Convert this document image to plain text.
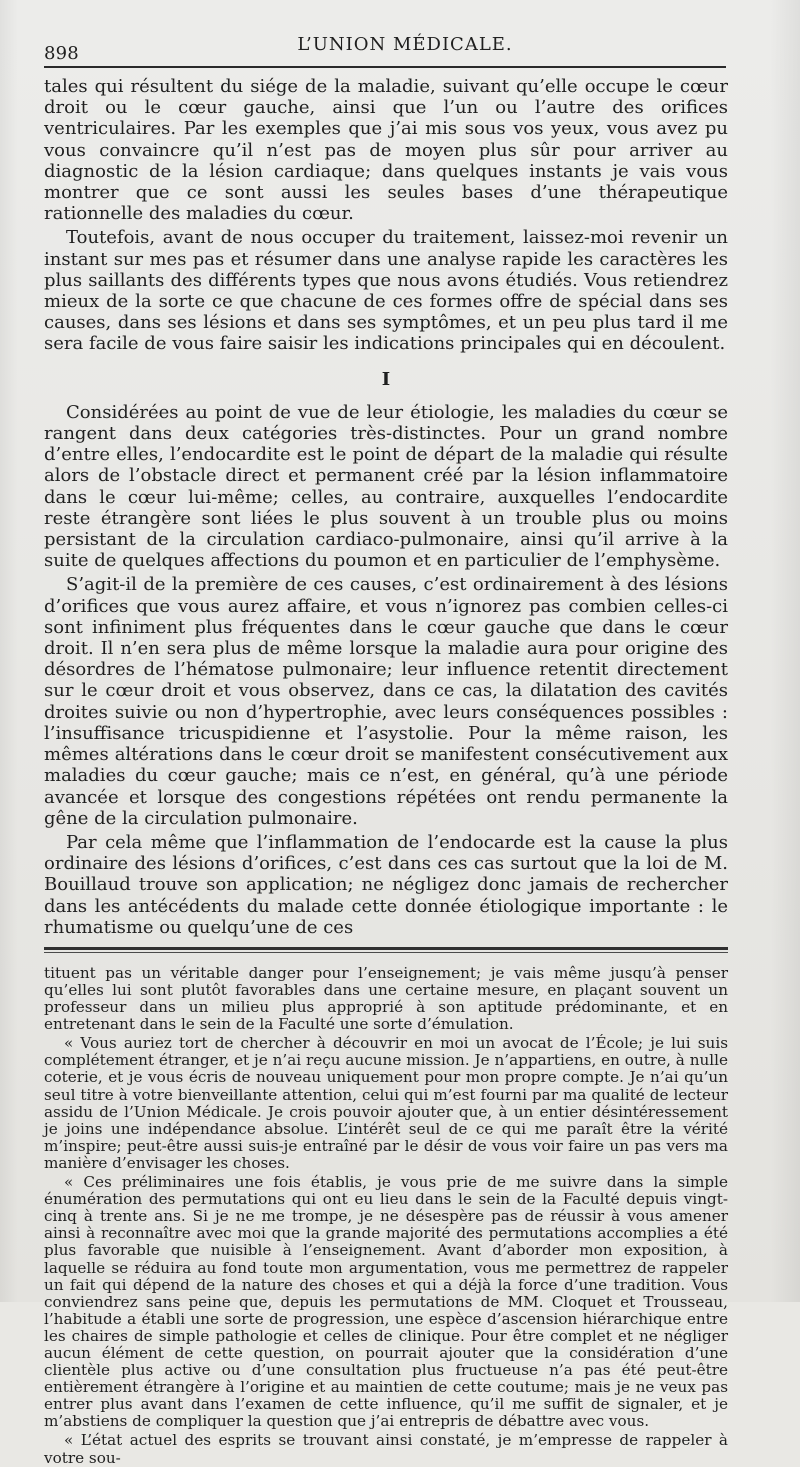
898	L’UNION MÉDICALE.

tales qui résultent du siége de la maladie, suivant qu’elle occupe le cœur droit ou le cœur gauche, ainsi que l’un ou l’autre des orifices ventriculaires. Par les exemples que j’ai mis sous vos yeux, vous avez pu vous convaincre qu’il n’est pas de moyen plus sûr pour arriver au diagnostic de la lésion cardiaque; dans quelques instants je vais vous montrer que ce sont aussi les seules bases d’une thérapeutique rationnelle des maladies du cœur.

Toutefois, avant de nous occuper du traitement, laissez-moi revenir un instant sur mes pas et résumer dans une analyse rapide les caractères les plus saillants des différents types que nous avons étudiés. Vous retiendrez mieux de la sorte ce que chacune de ces formes offre de spécial dans ses causes, dans ses lésions et dans ses symptômes, et un peu plus tard il me sera facile de vous faire saisir les indications principales qui en découlent.

I

Considérées au point de vue de leur étiologie, les maladies du cœur se rangent dans deux catégories très-distinctes. Pour un grand nombre d’entre elles, l’endocardite est le point de départ de la maladie qui résulte alors de l’obstacle direct et permanent créé par la lésion inflammatoire dans le cœur lui-même; celles, au contraire, auxquelles l’endocardite reste étrangère sont liées le plus souvent à un trouble plus ou moins persistant de la circulation cardiaco-pulmonaire, ainsi qu’il arrive à la suite de quelques affections du poumon et en particulier de l’emphysème.

S’agit-il de la première de ces causes, c’est ordinairement à des lésions d’orifices que vous aurez affaire, et vous n’ignorez pas combien celles-ci sont infiniment plus fréquentes dans le cœur gauche que dans le cœur droit. Il n’en sera plus de même lorsque la maladie aura pour origine des désordres de l’hématose pulmonaire; leur influence retentit directement sur le cœur droit et vous observez, dans ce cas, la dilatation des cavités droites suivie ou non d’hypertrophie, avec leurs conséquences possibles : l’insuffisance tricuspidienne et l’asystolie. Pour la même raison, les mêmes altérations dans le cœur droit se manifestent consécutivement aux maladies du cœur gauche; mais ce n’est, en général, qu’à une période avancée et lorsque des congestions répétées ont rendu permanente la gêne de la circulation pulmonaire.

Par cela même que l’inflammation de l’endocarde est la cause la plus ordinaire des lésions d’orifices, c’est dans ces cas surtout que la loi de M. Bouillaud trouve son application; ne négligez donc jamais de rechercher dans les antécédents du malade cette donnée étiologique importante : le rhumatisme ou quelqu’une de ces

tituent pas un véritable danger pour l’enseignement; je vais même jusqu’à penser qu’elles lui sont plutôt favorables dans une certaine mesure, en plaçant souvent un professeur dans un milieu plus approprié à son aptitude prédominante, et en entretenant dans le sein de la Faculté une sorte d’émulation.

« Vous auriez tort de chercher à découvrir en moi un avocat de l’École; je lui suis complétement étranger, et je n’ai reçu aucune mission. Je n’appartiens, en outre, à nulle coterie, et je vous écris de nouveau uniquement pour mon propre compte. Je n’ai qu’un seul titre à votre bienveillante attention, celui qui m’est fourni par ma qualité de lecteur assidu de l’Union Médicale. Je crois pouvoir ajouter que, à un entier désintéressement je joins une indépendance absolue. L’intérêt seul de ce qui me paraît être la vérité m’inspire; peut-être aussi suis-je entraîné par le désir de vous voir faire un pas vers ma manière d’envisager les choses.

« Ces préliminaires une fois établis, je vous prie de me suivre dans la simple énumération des permutations qui ont eu lieu dans le sein de la Faculté depuis vingt-cinq à trente ans. Si je ne me trompe, je ne désespère pas de réussir à vous amener ainsi à reconnaître avec moi que la grande majorité des permutations accomplies a été plus favorable que nuisible à l’enseignement. Avant d’aborder mon exposition, à laquelle se réduira au fond toute mon argumentation, vous me permettrez de rappeler un fait qui dépend de la nature des choses et qui a déjà la force d’une tradition. Vous conviendrez sans peine que, depuis les permutations de MM. Cloquet et Trousseau, l’habitude a établi une sorte de progression, une espèce d’ascension hiérarchique entre les chaires de simple pathologie et celles de clinique. Pour être complet et ne négliger aucun élément de cette question, on pourrait ajouter que la considération d’une clientèle plus active ou d’une consultation plus fructueuse n’a pas été peut-être entièrement étrangère à l’origine et au maintien de cette coutume; mais je ne veux pas entrer plus avant dans l’examen de cette influence, qu’il me suffit de signaler, et je m’abstiens de compliquer la question que j’ai entrepris de débattre avec vous.

« L’état actuel des esprits se trouvant ainsi constaté, je m’empresse de rappeler à votre sou-
